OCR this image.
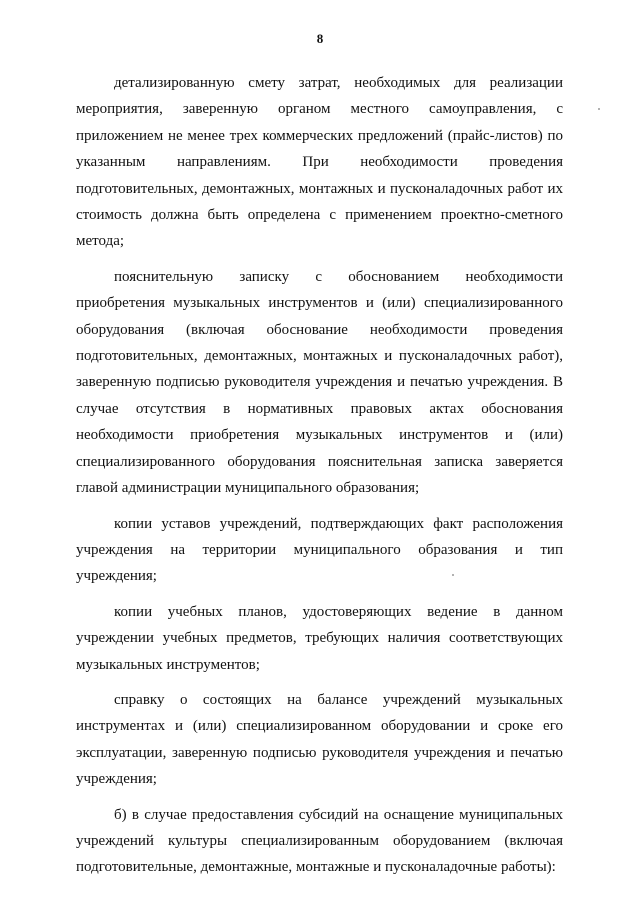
8

детализированную смету затрат, необходимых для реализации мероприятия, заверенную органом местного самоуправления, с приложением не менее трех коммерческих предложений (прайс-листов) по указанным направлениям. При необходимости проведения подготовительных, демонтажных, монтажных и пусконаладочных работ их стоимость должна быть определена с применением проектно-сметного метода;

пояснительную записку с обоснованием необходимости приобретения музыкальных инструментов и (или) специализированного оборудования (включая обоснование необходимости проведения подготовительных, демонтажных, монтажных и пусконаладочных работ), заверенную подписью руководителя учреждения и печатью учреждения. В случае отсутствия в нормативных правовых актах обоснования необходимости приобретения музыкальных инструментов и (или) специализированного оборудования пояснительная записка заверяется главой администрации муниципального образования;

копии уставов учреждений, подтверждающих факт расположения учреждения на территории муниципального образования и тип учреждения;

копии учебных планов, удостоверяющих ведение в данном учреждении учебных предметов, требующих наличия соответствующих музыкальных инструментов;

справку о состоящих на балансе учреждений музыкальных инструментах и (или) специализированном оборудовании и сроке его эксплуатации, заверенную подписью руководителя учреждения и печатью учреждения;

б) в случае предоставления субсидий на оснащение муниципальных учреждений культуры специализированным оборудованием (включая подготовительные, демонтажные, монтажные и пусконаладочные работы):
